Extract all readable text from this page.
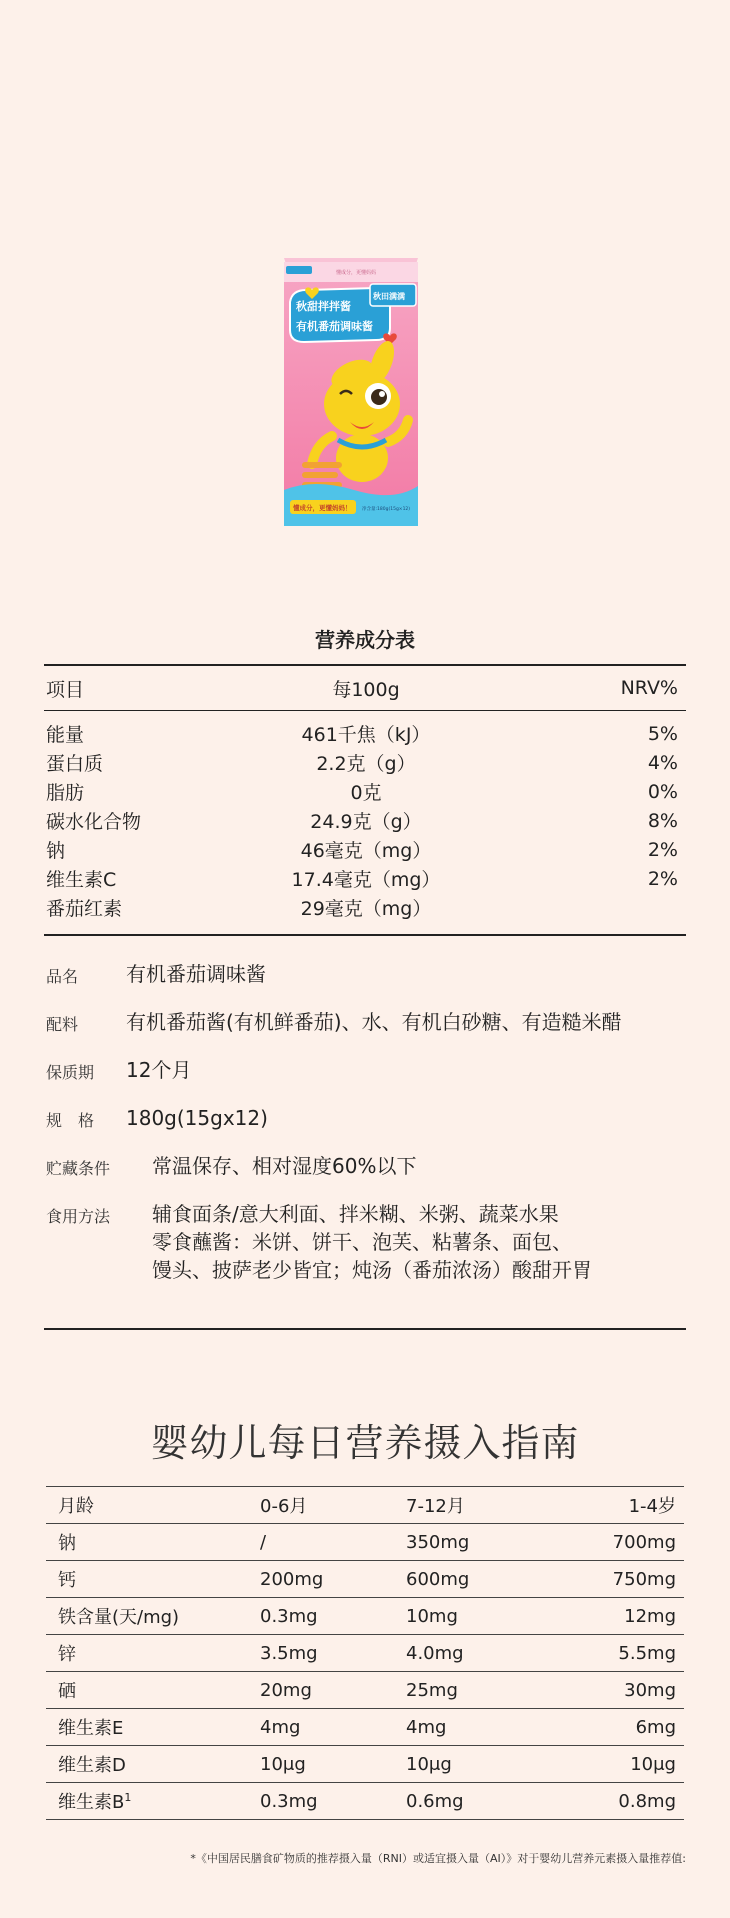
懂成分，更懂妈妈
秋甜拌拌酱
有机番茄调味酱
秋田满满
懂成分，更懂妈妈！ 净含量:180g(15g×12)
营养成分表
项目	每100g	NRV%
能量	461千焦（kJ）	5%
蛋白质	2.2克（g）	4%
脂肪	0克	0%
碳水化合物	24.9克（g）	8%
钠	46毫克（mg）	2%
维生素C	17.4毫克（mg）	2%
番茄红素	29毫克（mg）
品名 有机番茄调味酱
配料 有机番茄酱(有机鲜番茄)、水、有机白砂糖、有造糙米醋
保质期 12个月
规　格 180g(15gx12)
贮藏条件 常温保存、相对湿度60%以下
食用方法 辅食面条/意大利面、拌米糊、米粥、蔬菜水果
零食蘸酱：米饼、饼干、泡芙、粘薯条、面包、
馒头、披萨老少皆宜；炖汤（番茄浓汤）酸甜开胃
婴幼儿每日营养摄入指南
月龄	0-6月	7-12月	1-4岁
钠	/	350mg	700mg
钙	200mg	600mg	750mg
铁含量(天/mg)	0.3mg	10mg	12mg
锌	3.5mg	4.0mg	5.5mg
硒	20mg	25mg	30mg
维生素E	4mg	4mg	6mg
维生素D	10μg	10μg	10μg
维生素$B^1$	0.3mg	0.6mg	0.8mg
*《中国居民膳食矿物质的推荐摄入量（RNI）或适宜摄入量（AI）》对于婴幼儿营养元素摄入量推荐值:
